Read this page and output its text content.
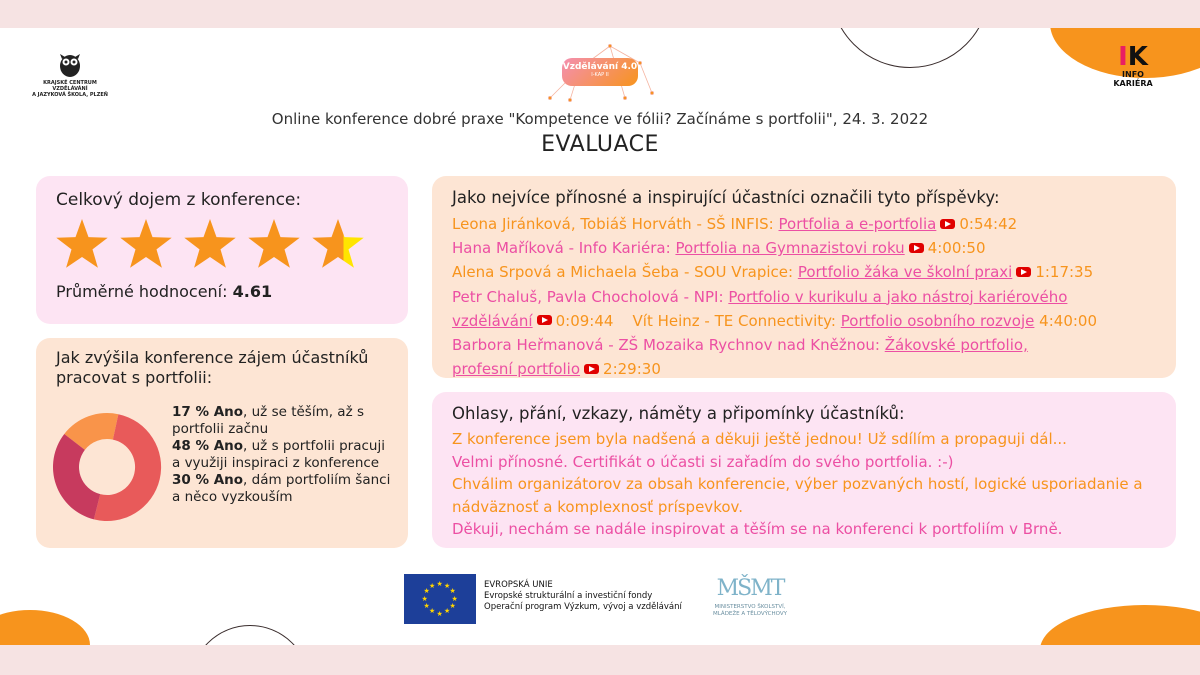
KRAJSKÉ CENTRUM VZDĚLÁVÁNÍ
A JAZYKOVÁ ŠKOLA, PLZEŇ
Vzdělávání 4.0
I-KAP II
IK
INFO
KARIÉRA
Online konference dobré praxe "Kompetence ve fólii? Začínáme s portfolii", 24. 3. 2022
EVALUACE
Celkový dojem z konference:
Průměrné hodnocení: 4.61
Jak zvýšila konference zájem účastníků pracovat s portfolii:
17 % Ano, už se těším, až s portfolii začnu
48 % Ano, už s portfolii pracuji a využiji inspiraci z konference
30 % Ano, dám portfoliím šanci a něco vyzkouším
Jako nejvíce přínosné a inspirující účastníci označili tyto příspěvky:
Leona Jiránková, Tobiáš Horváth - SŠ INFIS: Portfolia a e-portfolia 0:54:42
Hana Maříková - Info Kariéra: Portfolia na Gymnazistovi roku 4:00:50
Alena Srpová a Michaela Šeba - SOU Vrapice: Portfolio žáka ve školní praxi 1:17:35
Petr Chaluš, Pavla Chocholová - NPI: Portfolio v kurikulu a jako nástroj kariérového
vzdělávání 0:09:44 Vít Heinz - TE Connectivity: Portfolio osobního rozvoje 4:40:00
Barbora Heřmanová - ZŠ Mozaika Rychnov nad Kněžnou: Žákovské portfolio,
profesní portfolio 2:29:30
Ohlasy, přání, vzkazy, náměty a připomínky účastníků:
Z konference jsem byla nadšená a děkuji ještě jednou! Už sdílím a propaguji dál...
Velmi přínosné. Certifikát o účasti si zařadím do svého portfolia. :-)
Chválim organizátorov za obsah konferencie, výber pozvaných hostí, logické usporiadanie a nádväznosť a komplexnosť príspevkov.
Děkuji, nechám se nadále inspirovat a těším se na konferenci k portfoliím v Brně.
★
★
★
★
★
★
★
★
★ ★ ★
★
EVROPSKÁ UNIE
Evropské strukturální a investiční fondy
Operační program Výzkum, vývoj a vzdělávání
MŠMT
MINISTERSTVO ŠKOLSTVÍ,
MLÁDEŽE A TĚLOVÝCHOVY
